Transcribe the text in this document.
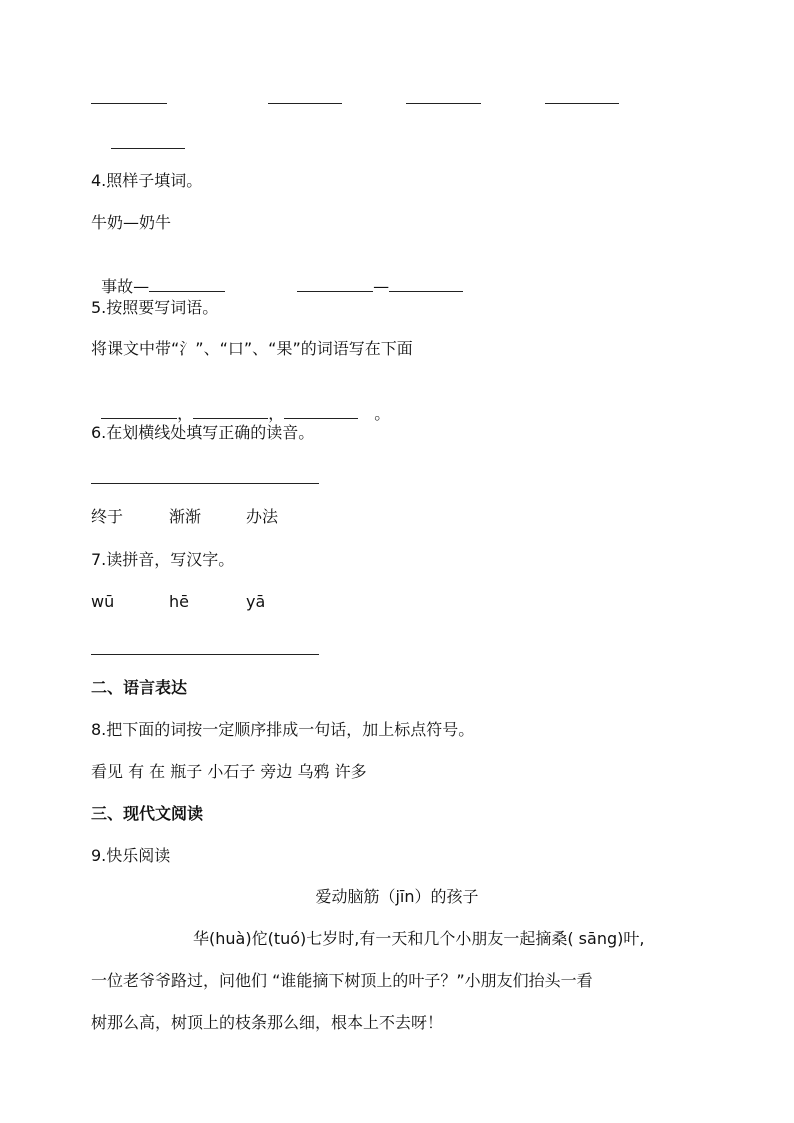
4.照样子填词。
牛奶—奶牛

事故—	—

5.按照要写词语。
将课文中带“氵”、“口”、“果”的词语写在下面

，	，	。

6.在划横线处填写正确的读音。
终于	渐渐	办法
7.读拼音，写汉字。
wū	hē	yā
二、语言表达
8.把下面的词按一定顺序排成一句话，加上标点符号。
看见 有 在 瓶子 小石子 旁边 乌鸦 许多
三、现代文阅读
9.快乐阅读
爱动脑筋（jīn）的孩子
华(huà)佗(tuó)七岁时,有一天和几个小朋友一起摘桑( sāng)叶,
一位老爷爷路过，问他们 “谁能摘下树顶上的叶子？”小朋友们抬头一看
树那么高，树顶上的枝条那么细，根本上不去呀！
